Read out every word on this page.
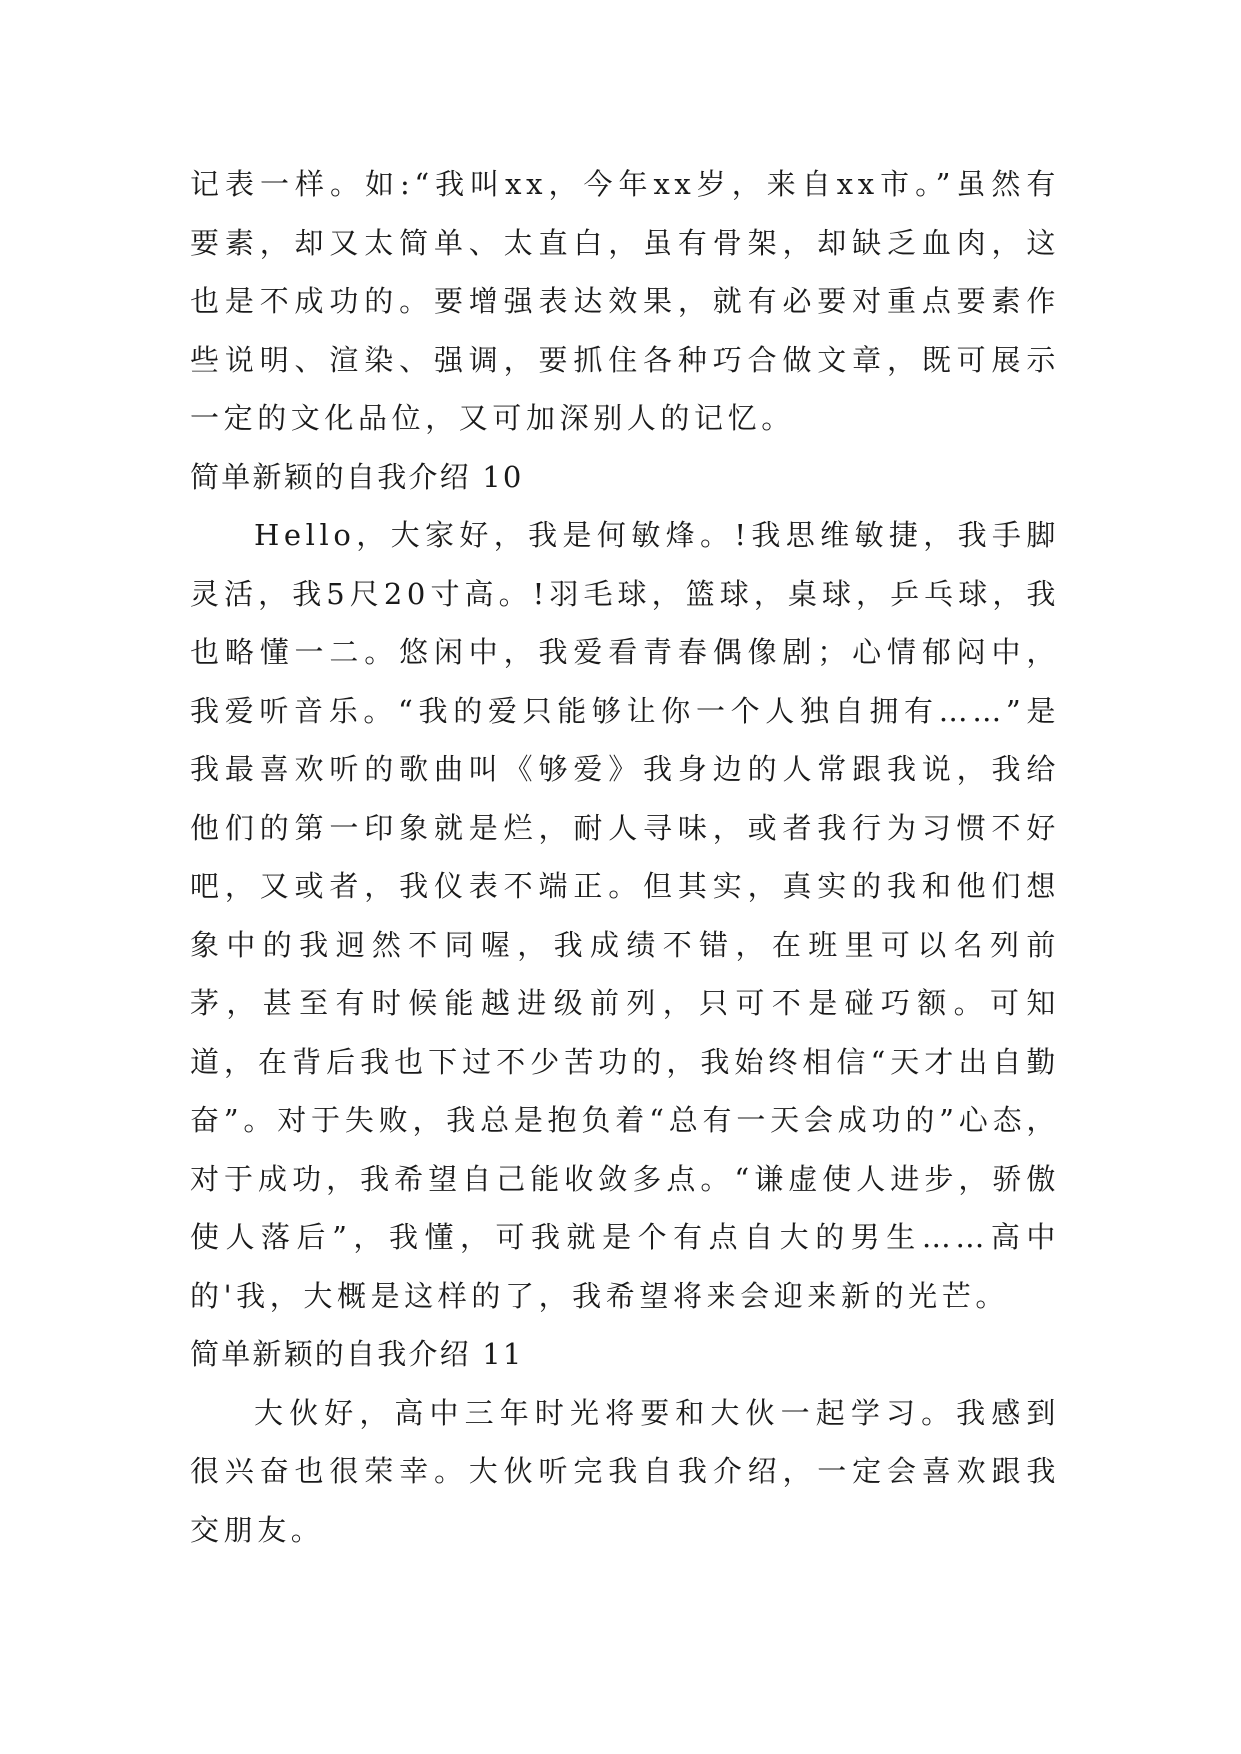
记表一样。如:“我叫xx，今年xx岁，来自xx市。”虽然有要素，却又太简单、太直白，虽有骨架，却缺乏血肉，这也是不成功的。要增强表达效果，就有必要对重点要素作些说明、渲染、强调，要抓住各种巧合做文章，既可展示一定的文化品位，又可加深别人的记忆。

简单新颖的自我介绍 10

Hello，大家好，我是何敏烽。!我思维敏捷，我手脚灵活，我5尺20寸高。!羽毛球，篮球，桌球，乒乓球，我也略懂一二。悠闲中，我爱看青春偶像剧；心情郁闷中，我爱听音乐。“我的爱只能够让你一个人独自拥有……”是我最喜欢听的歌曲叫《够爱》我身边的人常跟我说，我给他们的第一印象就是烂，耐人寻味，或者我行为习惯不好吧，又或者，我仪表不端正。但其实，真实的我和他们想象中的我迥然不同喔，我成绩不错，在班里可以名列前茅，甚至有时候能越进级前列，只可不是碰巧额。可知道，在背后我也下过不少苦功的，我始终相信“天才出自勤奋”。对于失败，我总是抱负着“总有一天会成功的”心态，对于成功，我希望自己能收敛多点。“谦虚使人进步，骄傲使人落后”，我懂，可我就是个有点自大的男生……高中的'我，大概是这样的了，我希望将来会迎来新的光芒。

简单新颖的自我介绍 11

大伙好，高中三年时光将要和大伙一起学习。我感到很兴奋也很荣幸。大伙听完我自我介绍，一定会喜欢跟我交朋友。
